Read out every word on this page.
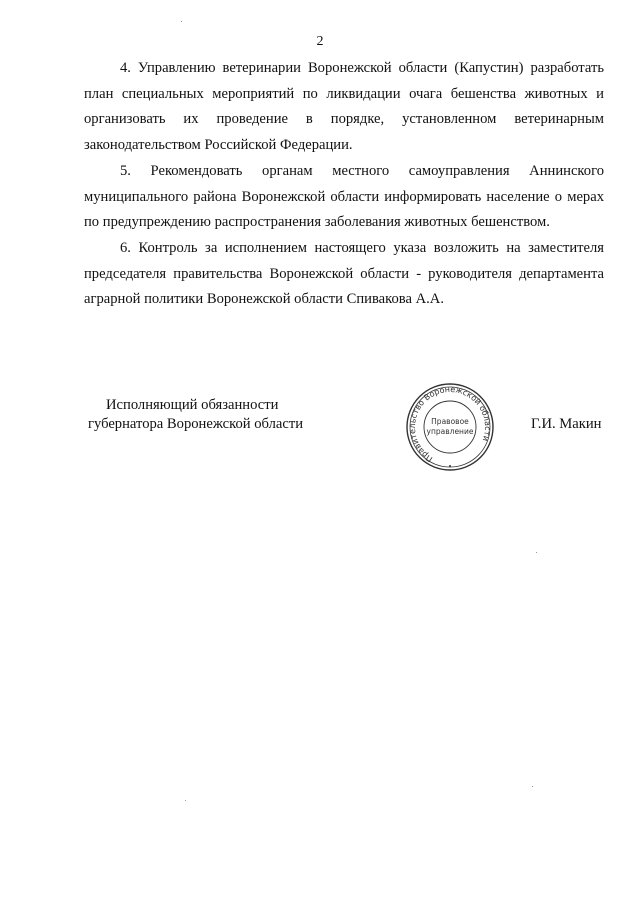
2

4. Управлению ветеринарии Воронежской области (Капустин) разработать план специальных мероприятий по ликвидации очага бешенства животных и организовать их проведение в порядке, установленном ветеринарным законодательством Российской Федерации.

5. Рекомендовать органам местного самоуправления Аннинского муниципального района Воронежской области информировать население о мерах по предупреждению распространения заболевания животных бешенством.

6. Контроль за исполнением настоящего указа возложить на заместителя председателя правительства Воронежской области - руководителя департамента аграрной политики Воронежской области Спивакова А.А.

Исполняющий обязанности
губернатора Воронежской области
Правительство Воронежской области
Правовое
управление	Г.И. Макин
